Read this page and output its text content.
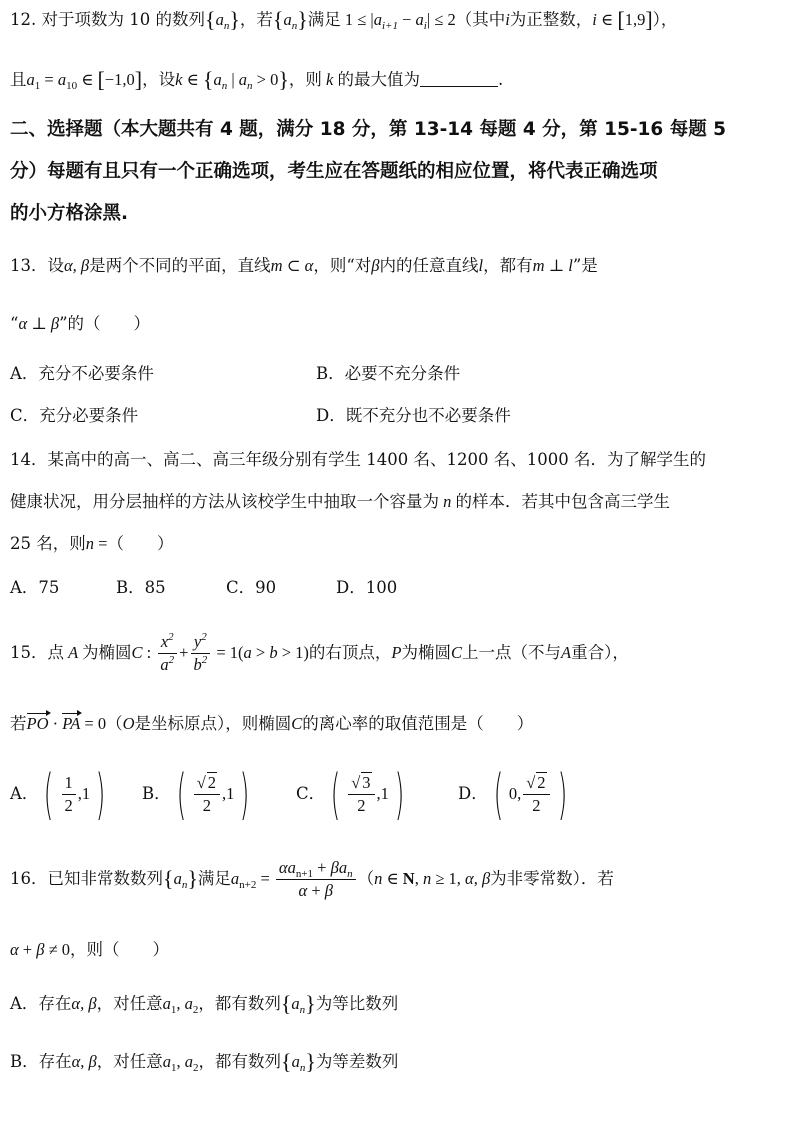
12. 对于项数为 10 的数列$\{a_n\}$，若$\{a_n\}$满足 $1 \le |a_{i+1} - a_i| \le 2$（其中i为正整数，i ∈ [1,9]），
且$a_1 = a_{10}$ ∈ [−1,0]，设k ∈ {$a_n$ | $a_n > 0$}，则 k 的最大值为	.
二、选择题（本大题共有 4 题，满分 18 分，第 13-14 每题 4 分，第 15-16 每题 5
分）每题有且只有一个正确选项，考生应在答题纸的相应位置，将代表正确选项
的小方格涂黑.
13．设α, β是两个不同的平面，直线m ⊂ α，则“对β内的任意直线l，都有m ⊥ l”是
“α ⊥ β”的（　　）
A．充分不必要条件	B．必要不充分条件
C．充分必要条件	D．既不充分也不必要条件
14．某高中的高一、高二、高三年级分别有学生 1400 名、1200 名、1000 名．为了解学生的
健康状况，用分层抽样的方法从该校学生中抽取一个容量为 n 的样本．若其中包含高三学生
25 名，则n =（　　）
A．75	B．85	C．90	D．100
15．点 A 为椭圆C : $\frac{x^2}{a^2} + \frac{y^2}{b^2} = 1(a > b > 1)$的右顶点，P为椭圆C上一点（不与A重合），
若PO · PA = 0（O是坐标原点），则椭圆C的离心率的取值范围是（　　）
A． ( $\frac{1}{2} ,1$ )	B． ( $\frac{√ 2}{2} ,1$ )	C． ( $\frac{√ 3}{2} ,1$ )	D． ( 0, $\frac{√ 2}{2}$ )
16．已知非常数数列$\{a_n\}$满足$a_{n+2} = \frac{\alpha a_{n+1} + \beta a_n}{\alpha + \beta} (n$ ∈ N, n ≥ 1, α, β为非零常数）．若
α + β ≠ 0，则（　　）
A．存在α, β，对任意$a_1$, $a_2$，都有数列$\{a_n\}$为等比数列
B．存在α, β，对任意$a_1$, $a_2$，都有数列$\{a_n\}$为等差数列
